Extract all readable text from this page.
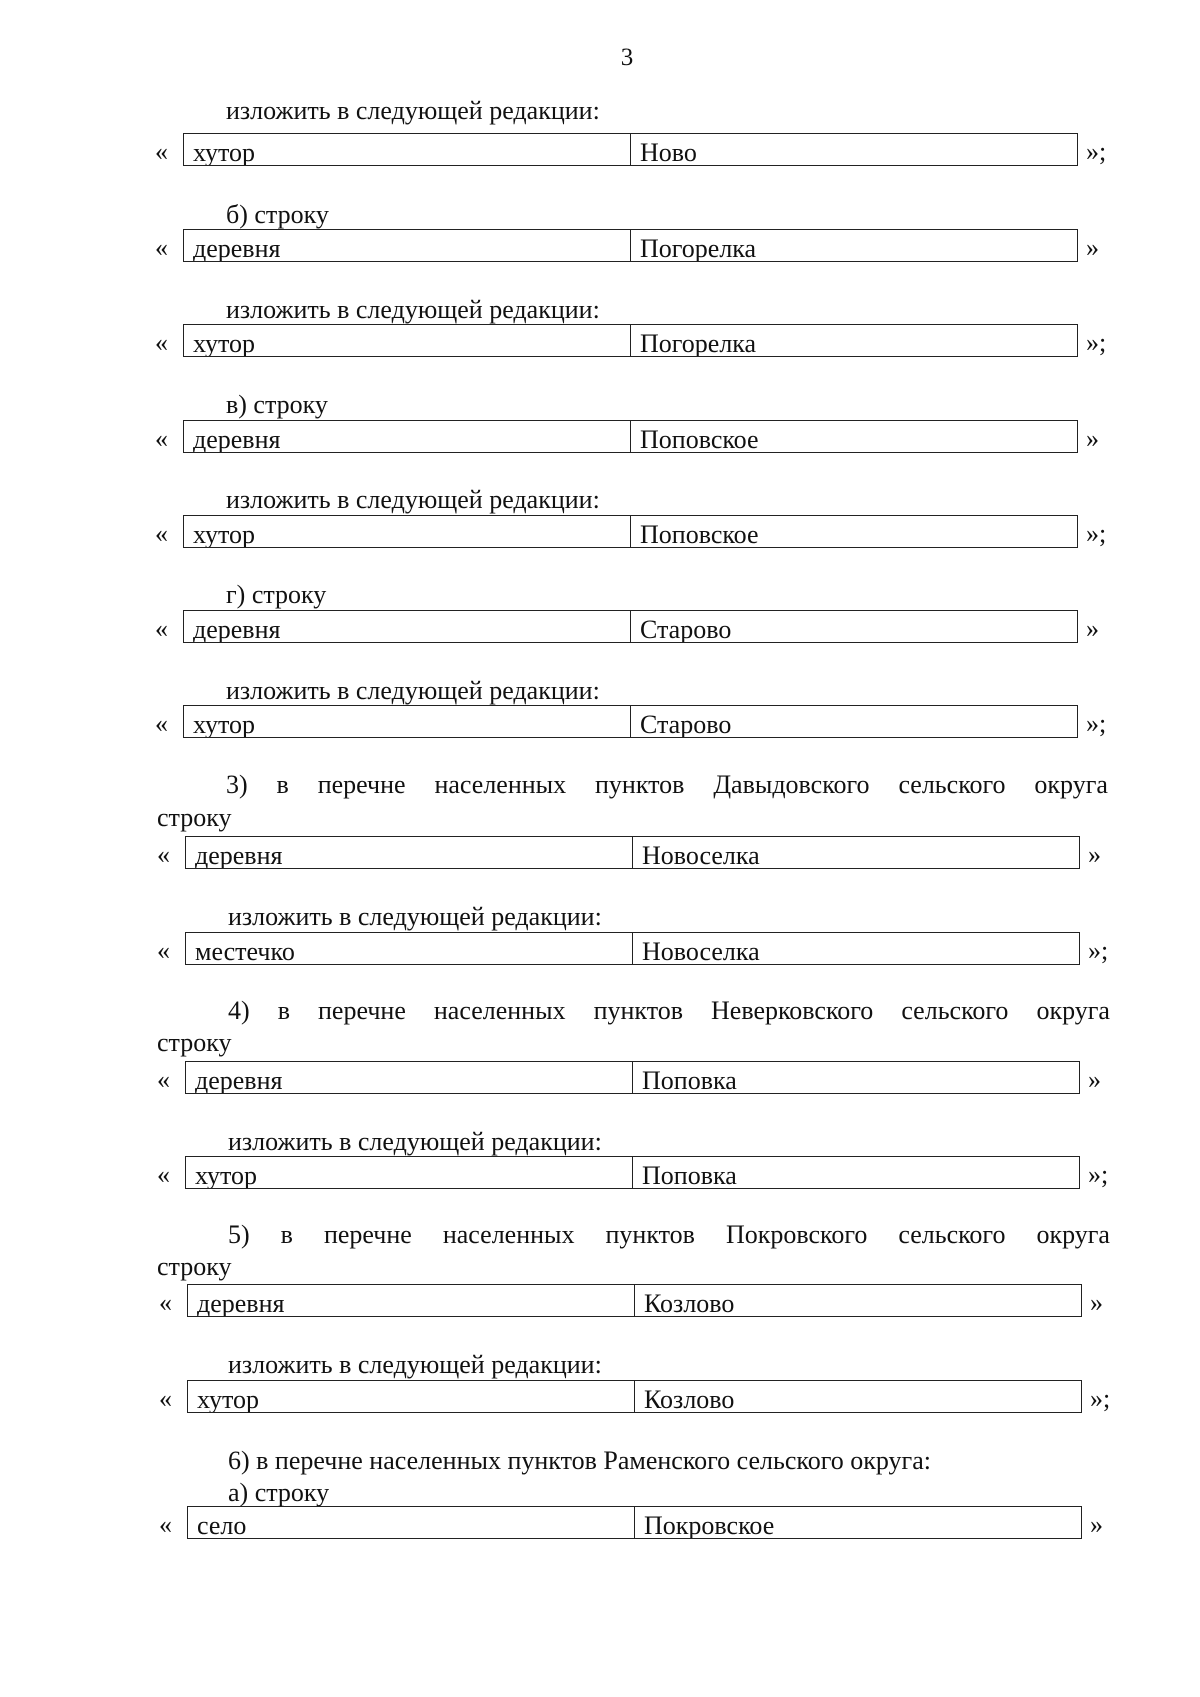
3
изложить в следующей редакции:
« хутор	Ново	»;
б) строку
« деревня	Погорелка	»
изложить в следующей редакции:
« хутор	Погорелка	»;
в) строку
« деревня	Поповское	»
изложить в следующей редакции:
« хутор	Поповское	»;
г) строку
« деревня	Старово	»
изложить в следующей редакции:
« хутор	Старово	»;
3) в перечне населенных пунктов Давыдовского сельского округа
строку
« деревня	Новоселка	»
изложить в следующей редакции:
« местечко	Новоселка	»;
4) в перечне населенных пунктов Неверковского сельского округа
строку
« деревня	Поповка	»
изложить в следующей редакции:
« хутор	Поповка	»;
5) в перечне населенных пунктов Покровского сельского округа
строку
« деревня	Козлово	»
изложить в следующей редакции:
« хутор	Козлово	»;
6) в перечне населенных пунктов Раменского сельского округа:
а) строку
« село	Покровское	»
